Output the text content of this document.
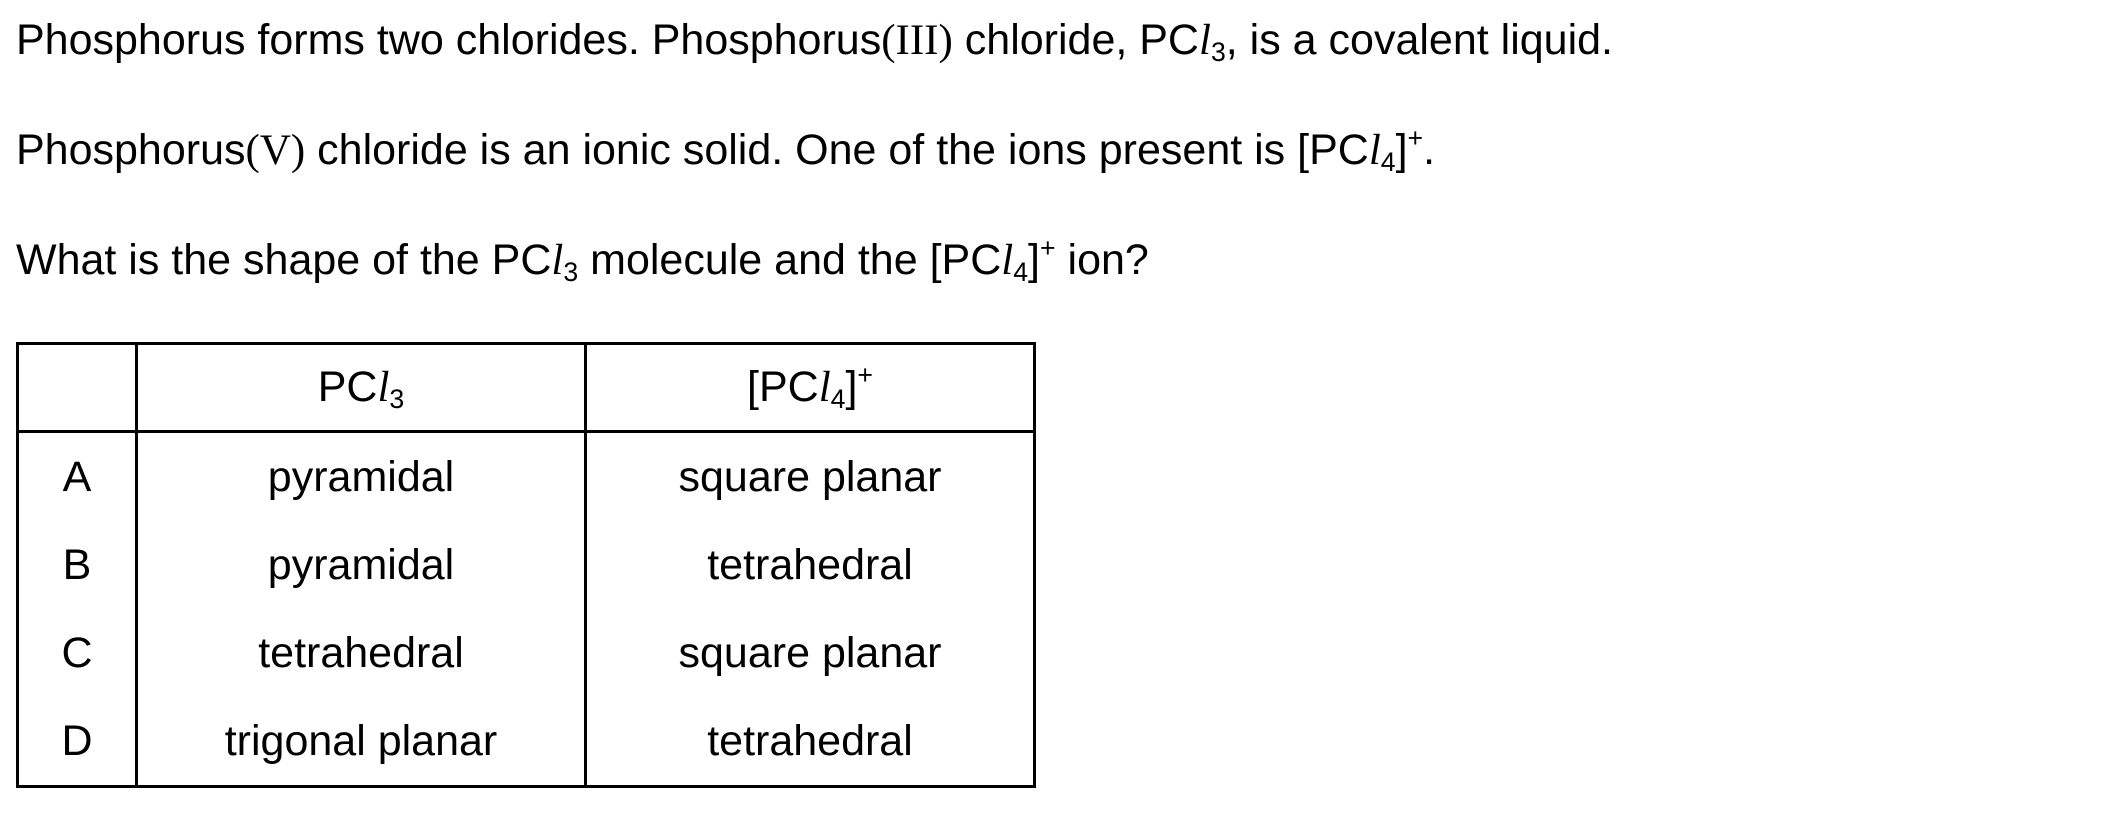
Phosphorus forms two chlorides. Phosphorus(III) chloride, PCl$_3$, is a covalent liquid.
Phosphorus(V) chloride is an ionic solid. One of the ions present is [PCl$_4$]+.
What is the shape of the PCl$_3$ molecule and the [PCl$_4$]+ ion?
	PCl$_3$	[PCl$_4$]+
A	pyramidal	square planar
B	pyramidal	tetrahedral
C	tetrahedral	square planar
D	trigonal planar	tetrahedral
